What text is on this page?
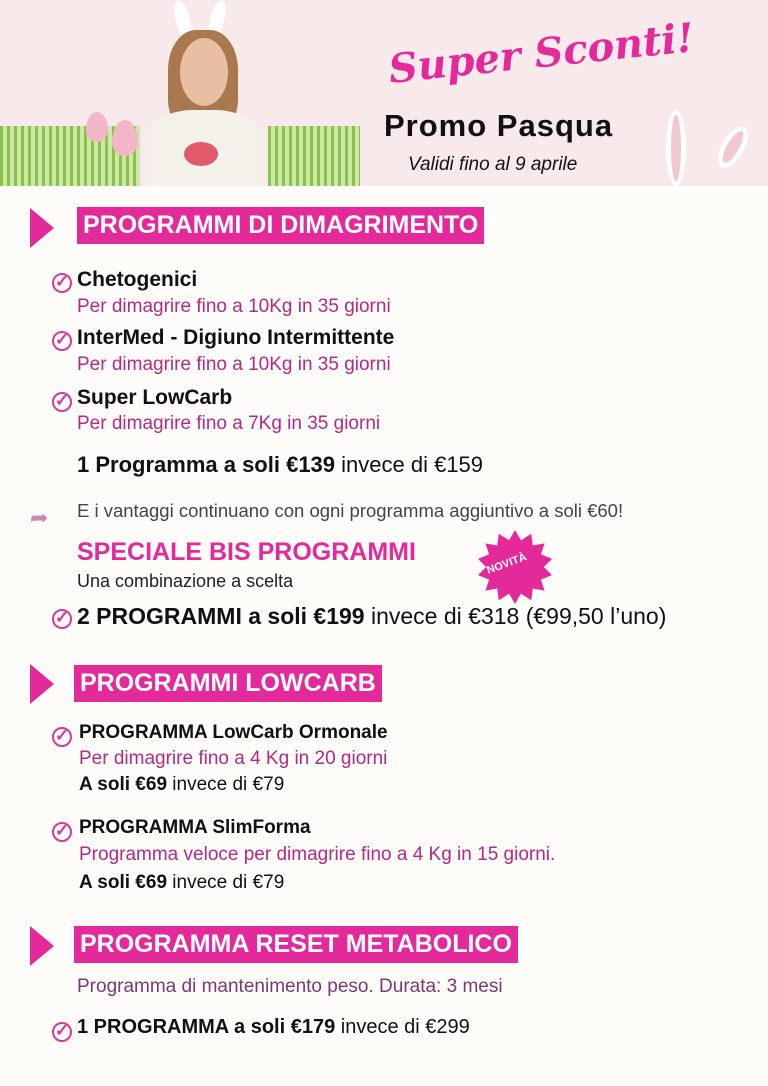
Super Sconti!
Promo Pasqua
Validi fino al 9 aprile
PROGRAMMI DI DIMAGRIMENTO
✓ Chetogenici
Per dimagrire fino a 10Kg in 35 giorni
✓ InterMed - Digiuno Intermittente
Per dimagrire fino a 10Kg in 35 giorni
✓ Super LowCarb
Per dimagrire fino a 7Kg in 35 giorni
1 Programma a soli €139 invece di €159
➦ E i vantaggi continuano con ogni programma aggiuntivo a soli €60!
SPECIALE BIS PROGRAMMI
Una combinazione a scelta
NOVITÀ
✓ 2 PROGRAMMI a soli €199 invece di €318 (€99,50 l’uno)
PROGRAMMI LOWCARB
✓ PROGRAMMA LowCarb Ormonale
Per dimagrire fino a 4 Kg in 20 giorni
A soli €69 invece di €79
✓ PROGRAMMA SlimForma
Programma veloce per dimagrire fino a 4 Kg in 15 giorni.
A soli €69 invece di €79
PROGRAMMA RESET METABOLICO
Programma di mantenimento peso. Durata: 3 mesi
✓ 1 PROGRAMMA a soli €179 invece di €299
